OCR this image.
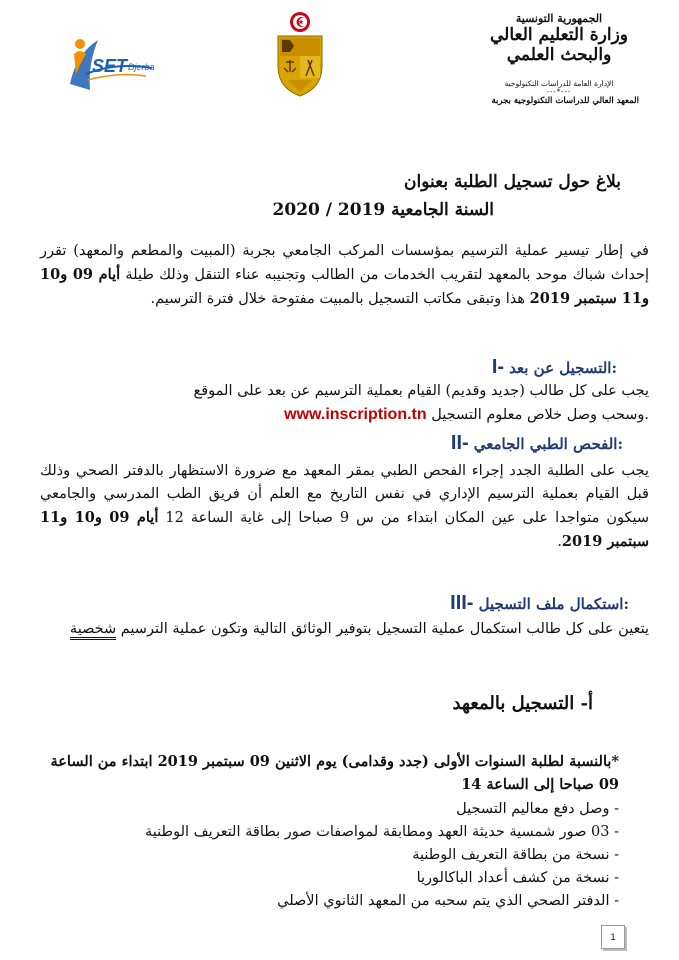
الجمهورية التونسية
وزارة التعليم العالي
والبحث العلمي
الإدارة العامة للدراسات التكنولوجية
---*---
المعهد العالي للدراسات التكنولوجية بجربة
SET Djerba
بلاغ حول تسجيل الطلبة بعنوان
السنة الجامعية 2019 / 2020
في إطار تيسير عملية الترسيم بمؤسسات المركب الجامعي بجربة (المبيت والمطعم والمعهد) تقرر إحداث شباك موحد بالمعهد لتقريب الخدمات من الطالب وتجنيبه عناء التنقل وذلك طيلة أيام 09 و10 و11 سبتمبر 2019 هذا وتبقى مكاتب التسجيل بالمبيت مفتوحة خلال فترة الترسيم.
I- التسجيل عن بعد:
يجب على كل طالب (جديد وقديم) القيام بعملية الترسيم عن بعد على الموقع
www.inscription.tn وسحب وصل خلاص معلوم التسجيل.
II- الفحص الطبي الجامعي:
يجب على الطلبة الجدد إجراء الفحص الطبي بمقر المعهد مع ضرورة الاستظهار بالدفتر الصحي وذلك قبل القيام بعملية الترسيم الإداري في نفس التاريخ مع العلم أن فريق الطب المدرسي والجامعي سيكون متواجدا على عين المكان ابتداء من س 9 صباحا إلى غاية الساعة 12 أيام 09 و10 و11 سبتمبر 2019.
III- استكمال ملف التسجيل:
يتعين على كل طالب استكمال عملية التسجيل بتوفير الوثائق التالية وتكون عملية الترسيم شخصية
أ- التسجيل بالمعهد
*بالنسبة لطلبة السنوات الأولى (جدد وقدامى) يوم الاثنين 09 سبتمبر 2019 ابتداء من الساعة 09 صباحا إلى الساعة 14
- وصل دفع معاليم التسجيل
- 03 صور شمسية حديثة العهد ومطابقة لمواصفات صور بطاقة التعريف الوطنية
- نسخة من بطاقة التعريف الوطنية
- نسخة من كشف أعداد الباكالوريا
- الدفتر الصحي الذي يتم سحبه من المعهد الثانوي الأصلي
1
